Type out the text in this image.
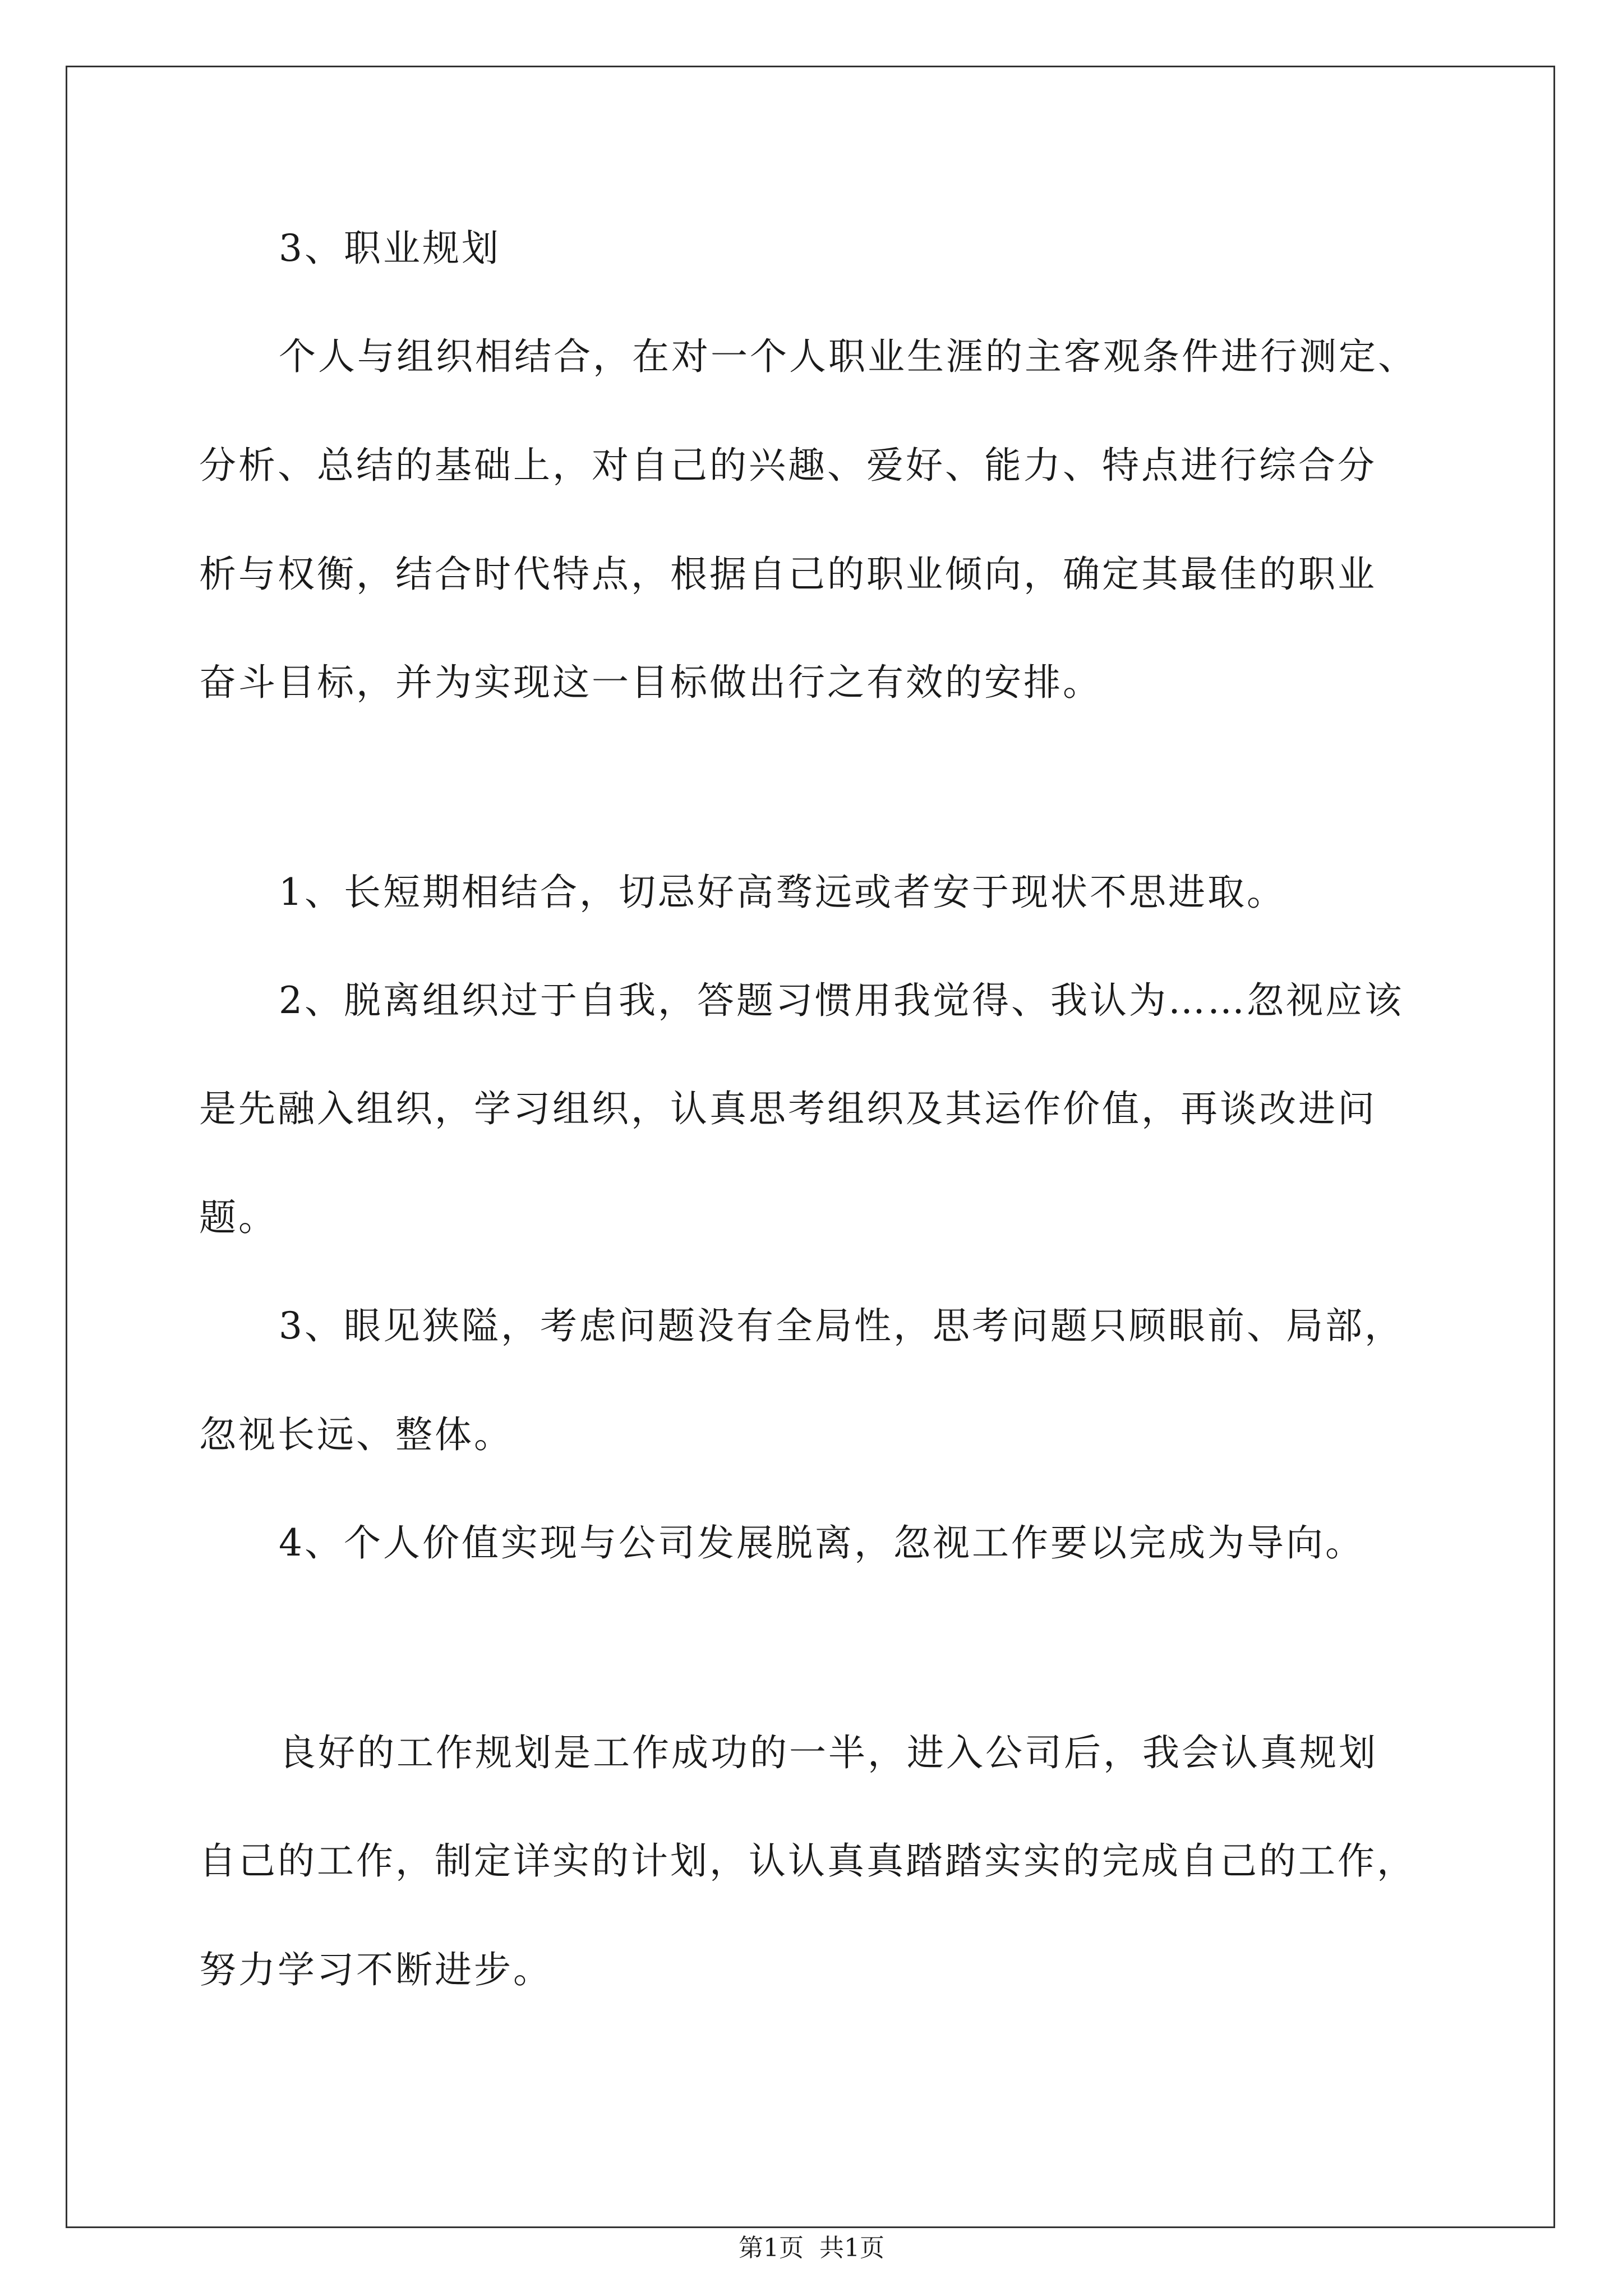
3、职业规划
个人与组织相结合，在对一个人职业生涯的主客观条件进行测定、
分析、总结的基础上，对自己的兴趣、爱好、能力、特点进行综合分
析与权衡，结合时代特点，根据自己的职业倾向，确定其最佳的职业
奋斗目标，并为实现这一目标做出行之有效的安排。
1、长短期相结合，切忌好高骛远或者安于现状不思进取。
2、脱离组织过于自我，答题习惯用我觉得、我认为……忽视应该
是先融入组织，学习组织，认真思考组织及其运作价值，再谈改进问
题。
3、眼见狭隘，考虑问题没有全局性，思考问题只顾眼前、局部，
忽视长远、整体。
4、个人价值实现与公司发展脱离，忽视工作要以完成为导向。
良好的工作规划是工作成功的一半，进入公司后，我会认真规划
自己的工作，制定详实的计划，认认真真踏踏实实的完成自己的工作，
努力学习不断进步。
第1页  共1页
